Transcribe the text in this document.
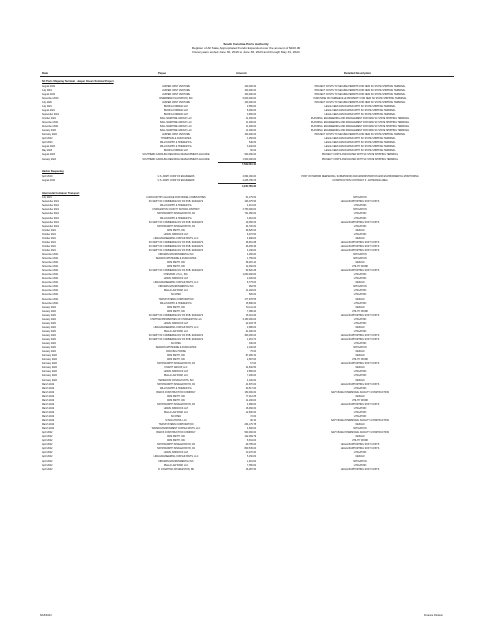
South Carolina Ports Authority
Register of All State Appropriated Funds Expended over the amount of $100.00
Fiscal years ended June 30, 2019 to June 30, 2023 and through May 31, 2024
Date	Payee	Amount	Detailed Description
SC Ports Shipping Terminal - Jasper Ocean Terminal Project
August 2019	JASPER JOINT VENTURE	100,000.00	PROJECT COSTS TO SECURE PERMITS FOR NEW SC STATE SHIPPING TERMINAL
July 2019	JASPER JOINT VENTURE	100,000.00	PROJECT COSTS TO SECURE PERMITS FOR NEW SC STATE SHIPPING TERMINAL
August 2019	JASPER JOINT VENTURE	100,000.00	PROJECT COSTS TO SECURE PERMITS FOR NEW SC STATE SHIPPING TERMINAL
November 2019	RIVERBEND PLANTATION, INC	5,000,000.00	PURCHASE OF HARDEEVILLE PROPERTY FOR NEW SC STATE SHIPPING TERMINAL
July 2020	JASPER JOINT VENTURE	100,000.00	PROJECT COSTS TO SECURE PERMITS FOR NEW SC STATE SHIPPING TERMINAL
July 2021	BURR & FORMAN LLP	2,550.00	LEGAL FEES ASSOCIATED WITH SC STATE SHIPPING TERMINAL
August 2021	BURR & FORMAN LLP	8,000.00	LEGAL FEES ASSOCIATED WITH SC STATE SHIPPING TERMINAL
September 2021	BURR & FORMAN LLP	3,650.00	LEGAL FEES ASSOCIATED WITH SC STATE SHIPPING TERMINAL
October 2021	BALL MARITIME GROUP, LLC	11,000.00	PLANNING, ENGINEERING AND MANAGEMENT FOR NEW SC STATE SHIPPING TERMINAL
November 2021	BALL MARITIME GROUP, LLC	11,000.00	PLANNING, ENGINEERING AND MANAGEMENT FOR NEW SC STATE SHIPPING TERMINAL
December 2021	BALL MARITIME GROUP, LLC	11,000.00	PLANNING, ENGINEERING AND MANAGEMENT FOR NEW SC STATE SHIPPING TERMINAL
January 2022	BALL MARITIME GROUP, LLC	11,000.00	PLANNING, ENGINEERING AND MANAGEMENT FOR NEW SC STATE SHIPPING TERMINAL
February 2022	JASPER JOINT VENTURE	100,000.00	PROJECT COSTS TO SECURE PERMITS FOR NEW SC STATE SHIPPING TERMINAL
April 2022	THOMPSON & ASSOCIATES	1,250.00	LEGAL FEES ASSOCIATED WITH SC STATE SHIPPING TERMINAL
April 2023	WILLOUGHBY & HOEFER P.A.	540.00	LEGAL FEES ASSOCIATED WITH SC STATE SHIPPING TERMINAL
August 2023	WILLOUGHBY & HOEFER P.A.	3,400.00	LEGAL FEES ASSOCIATED WITH SC STATE SHIPPING TERMINAL
May 2023	BURR & FORMAN LLP	60.00	LEGAL FEES ASSOCIATED WITH SC STATE SHIPPING TERMINAL
August 2023	SOUTHERN CAROLINA REGIONAL DEVELOPMENT ALLIANCE	500,000.00	PROJECT COSTS ASSOCIATED WITH SC STATE SHIPPING TERMINAL
January 2024	SOUTHERN CAROLINA REGIONAL DEVELOPMENT ALLIANCE	1,500,000.00	PROJECT COSTS ASSOCIATED WITH SC STATE SHIPPING TERMINAL
7,599,581.16
Harbor Deepening
April 2019	U.S. ARMY CORP OF ENGINEERS	2,694,000.00	POST 45 HARBOR DEEPENING, SUPERVISION AND ADMINISTRATION AND ENVIRONMENTAL MONITORING
August 2019	U.S. ARMY CORP OF ENGINEERS	2,246,780.33	CONSTRUCTION CONTRACT 3 - ENTRANCE AREA
4,940,780.33
Intermodal Container Transport
July 2021	LOWCOUNTRY ALLIANCE FOR MODEL COMMUNITIES	51,175.00	MITIGATION
September 2021	SC DEPT OF COMMERCE DIV OF PUB. RAILWAYS	163,079.50	LEGAL/SUPPORTING SOFT COSTS
September 2021	WILLOUGHBY & HOEFER P.A.	4,410.00	LITIGATION
September 2021	CHARLESTON COUNTY SCHOOL DISTRICT	4,750,000.00	MITIGATION
September 2021	HAYNSWORTH SINKLER BOYD, PA	721,050.00	LITIGATION
September 2021	WILLOUGHBY & HOEFER P.A.	3,010.00	LITIGATION
September 2021	SC DEPT OF COMMERCE DIV OF PUB. RAILWAYS	19,050.00	LEGAL/SUPPORTING SOFT COSTS
September 2021	HAYNSWORTH SINKLER BOYD, PA	24,700.00	LITIGATION
October 2021	CDM SMITH, INC	39,625.00	DESIGN
October 2021	LEWIS, BABCOCK LLP	8,072.50	LITIGATION
October 2021	LIDE ENGINEERING CONSULTANTS, LLC	4,990.00	DESIGN
October 2021	SC DEPT OF COMMERCE DIV OF PUB. RAILWAYS	48,961.98	LEGAL/SUPPORTING SOFT COSTS
October 2021	SC DEPT OF COMMERCE DIV OF PUB. RAILWAYS	26,455.36	LEGAL/SUPPORTING SOFT COSTS
October 2021	SC DEPT OF COMMERCE DIV OF PUB. RAILWAYS	4,190.00	LEGAL/SUPPORTING SOFT COSTS
November 2021	KIRKMAN ENVIRONMENTAL INC	4,250.00	MITIGATION
November 2021	SEAMON WHITESIDE & ASSOCIATES	1,750.00	MITIGATION
November 2021	CDM SMITH, INC	38,015.10	DESIGN
November 2021	CDM SMITH, INC	12,000.00	UTILITY WORK
November 2021	SC DEPT OF COMMERCE DIV OF PUB. RAILWAYS	52,620.28	LEGAL/SUPPORTING SOFT COSTS
December 2021	CHEVRON U.S.A., INC.	1,000,000.00	LITIGATION
December 2021	LEWIS, BABCOCK LLP	2,320.00	LITIGATION
December 2021	LIDE ENGINEERING CONSULTANTS, LLC	8,775.00	DESIGN
December 2021	KIRKMAN ENVIRONMENTAL INC	962.50	MITIGATION
December 2021	PELLA LAW FIRM, LLC	11,200.00	LITIGATION
December 2021	SC DHEC	520.00	LITIGATION
December 2021	TRANSYSTEMS CORPORATION	177,978.55	DESIGN
December 2021	WILLOUGHBY & HOEFER P.A.	15,680.00	LITIGATION
January 2022	CDM SMITH, INC	51,111.44	DESIGN
January 2022	CDM SMITH, INC	7,086.40	UTILITY WORK
January 2022	SC DEPT OF COMMERCE DIV OF PUB. RAILWAYS	15,001.60	LEGAL/SUPPORTING SOFT COSTS
January 2022	CHATHAM PROPERTIES OF CHARLESTON LLC	2,150,000.00	LITIGATION
January 2022	LEWIS, BABCOCK LLP	22,493.75	LITIGATION
January 2022	LIDE ENGINEERING CONSULTANTS, LLC	2,980.00	DESIGN
January 2022	PELLA LAW FIRM, LLC	21,000.00	LITIGATION
January 2022	SC DEPT OF COMMERCE DIV OF PUB. RAILWAYS	300,000.00	LEGAL/SUPPORTING SOFT COSTS
January 2022	SC DEPT OF COMMERCE DIV OF PUB. RAILWAYS	1,261.70	LEGAL/SUPPORTING SOFT COSTS
January 2022	SC DHEC	330.00	LITIGATION
January 2022	SEAMON WHITESIDE & ASSOCIATES	2,100.00	MITIGATION
January 2022	ROCKING HORSE	75.00	DESIGN
February 2022	CDM SMITH, INC	87,280.34	DESIGN
February 2022	CDM SMITH, INC	2,697.00	UTILITY WORK
February 2022	HAYNSWORTH SINKLER BOYD, PA	67.00	LEGAL/SUPPORTING SOFT COSTS
February 2022	KNIGHT GROUP, LLC	14,842.50	DESIGN
February 2022	LEWIS, BABCOCK LLP	2,850.00	LITIGATION
February 2022	PELLA LAW FIRM, LLC	7,200.00	LITIGATION
February 2022	TERRACON CONSULTANTS, INC	4,100.00	DESIGN
March 2022	HAYNSWORTH SINKLER BOYD, PA	41,870.00	LEGAL/SUPPORTING SOFT COSTS
March 2022	WILLOUGHBY & HOEFER P.A.	30,517.00	LITIGATION
March 2022	BANKS CONSTRUCTION COMPANY	150,000.00	NAVY BASE INTERMODAL FACILITY CONSTRUCTION
March 2022	CDM SMITH, INC	77,212.05	DESIGN
March 2022	CDM SMITH, INC	11,200.00	UTILITY WORK
March 2022	HAYNSWORTH SINKLER BOYD, PA	4,980.00	LEGAL/SUPPORTING SOFT COSTS
March 2022	LEWIS, BABCOCK LLP	18,060.00	LITIGATION
March 2022	PELLA LAW FIRM, LLC	12,600.00	LITIGATION
March 2022	SC DHEC	72.00	LITIGATION
March 2022	SI SOLUTIONS, LLC	90.10	NAVY BASE INTERMODAL FACILITY CONSTRUCTION
March 2022	TRANSYSTEMS CORPORATION	234,179.78	DESIGN
March 2022	WATER ENVIRONMENT CONSULTANTS, LLC	4,500.00	MITIGATION
April 2022	BANKS CONSTRUCTION COMPANY	500,000.00	NAVY BASE INTERMODAL FACILITY CONSTRUCTION
April 2022	CDM SMITH, INC	122,069.79	DESIGN
April 2022	CDM SMITH, INC	8,631.00	UTILITY WORK
April 2022	HAYNSWORTH SINKLER BOYD, PA	29,785.00	LEGAL/SUPPORTING SOFT COSTS
April 2022	HAYNSWORTH SINKLER BOYD, PA	800,545.00	LEGAL/SUPPORTING SOFT COSTS
April 2022	LEWIS, BABCOCK LLP	10,270.00	LITIGATION
April 2022	LIDE ENGINEERING CONSULTANTS, LLC	5,150.00	DESIGN
April 2022	KIRKMAN ENVIRONMENTAL INC	1,901.00	MITIGATION
April 2022	PELLA LAW FIRM, LLC	7,350.00	LITIGATION
April 2022	R. JONATHAN CHARLESTON, PE	16,087.50	LEGAL/SUPPORTING SOFT COSTS
6/18/2024	Finance Division
